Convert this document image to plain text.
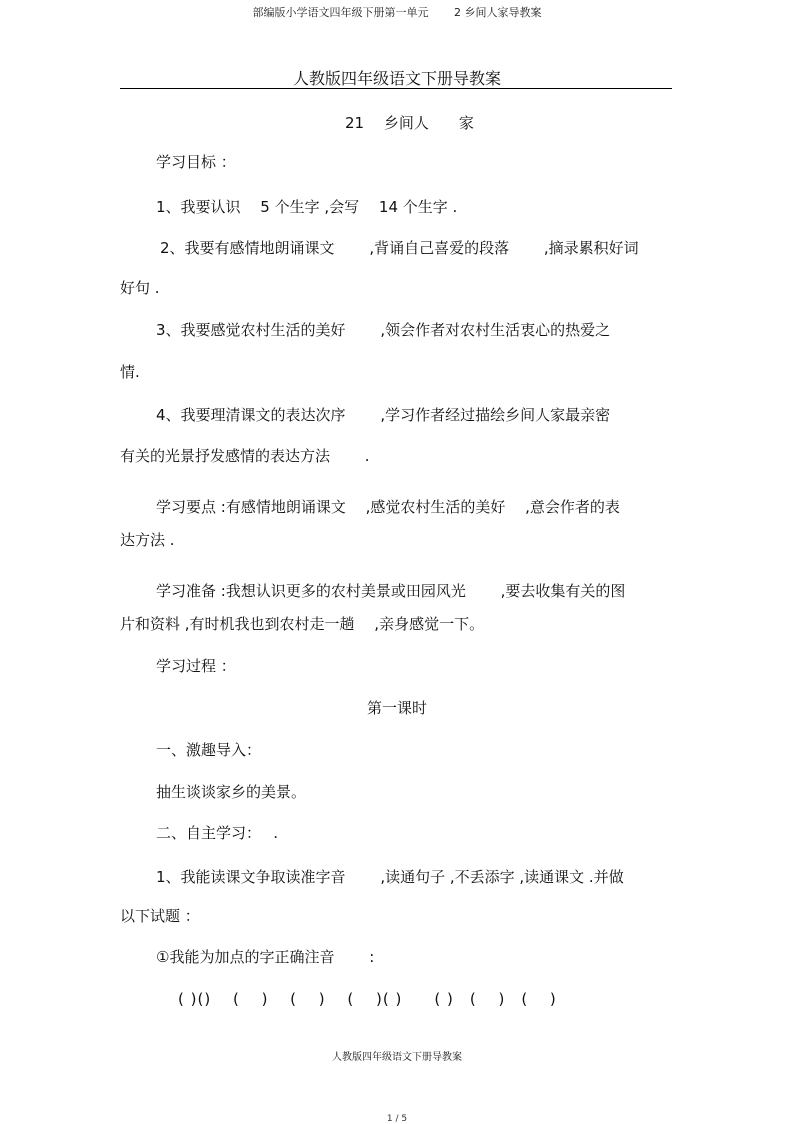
部编版小学语文四年级下册第一单元　　 2 乡间人家导教案
人教版四年级语文下册导教案
21　 乡间人　　家
学习目标 ：
1、我要认识　 5 个生字 ,会写　 14 个生字 .
2、我要有感情地朗诵课文　　 ,背诵自己喜爱的段落　　 ,摘录累积好词
好句 .
3、我要感觉农村生活的美好　　 ,领会作者对农村生活衷心的热爱之
情.
4、我要理清课文的表达次序　　 ,学习作者经过描绘乡间人家最亲密
有关的光景抒发感情的表达方法　　 .
学习要点 :有感情地朗诵课文　 ,感觉农村生活的美好　 ,意会作者的表
达方法 .
学习准备 :我想认识更多的农村美景或田园风光　　 ,要去收集有关的图
片和资料 ,有时机我也到农村走一趟　 ,亲身感觉一下。
学习过程 ：
第一课时
一、激趣导入：
抽生谈谈家乡的美景。
二、自主学习：　 .
1、我能读课文争取读准字音　　 ,读通句子 ,不丢添字 ,读通课文 .并做
以下试题 ：
①我能为加点的字正确注音　　 :
( )()　 (　 )　 (　 )　 (　 )( )　　( )　(　 )　(　 )
人教版四年级语文下册导教案
1 / 5
